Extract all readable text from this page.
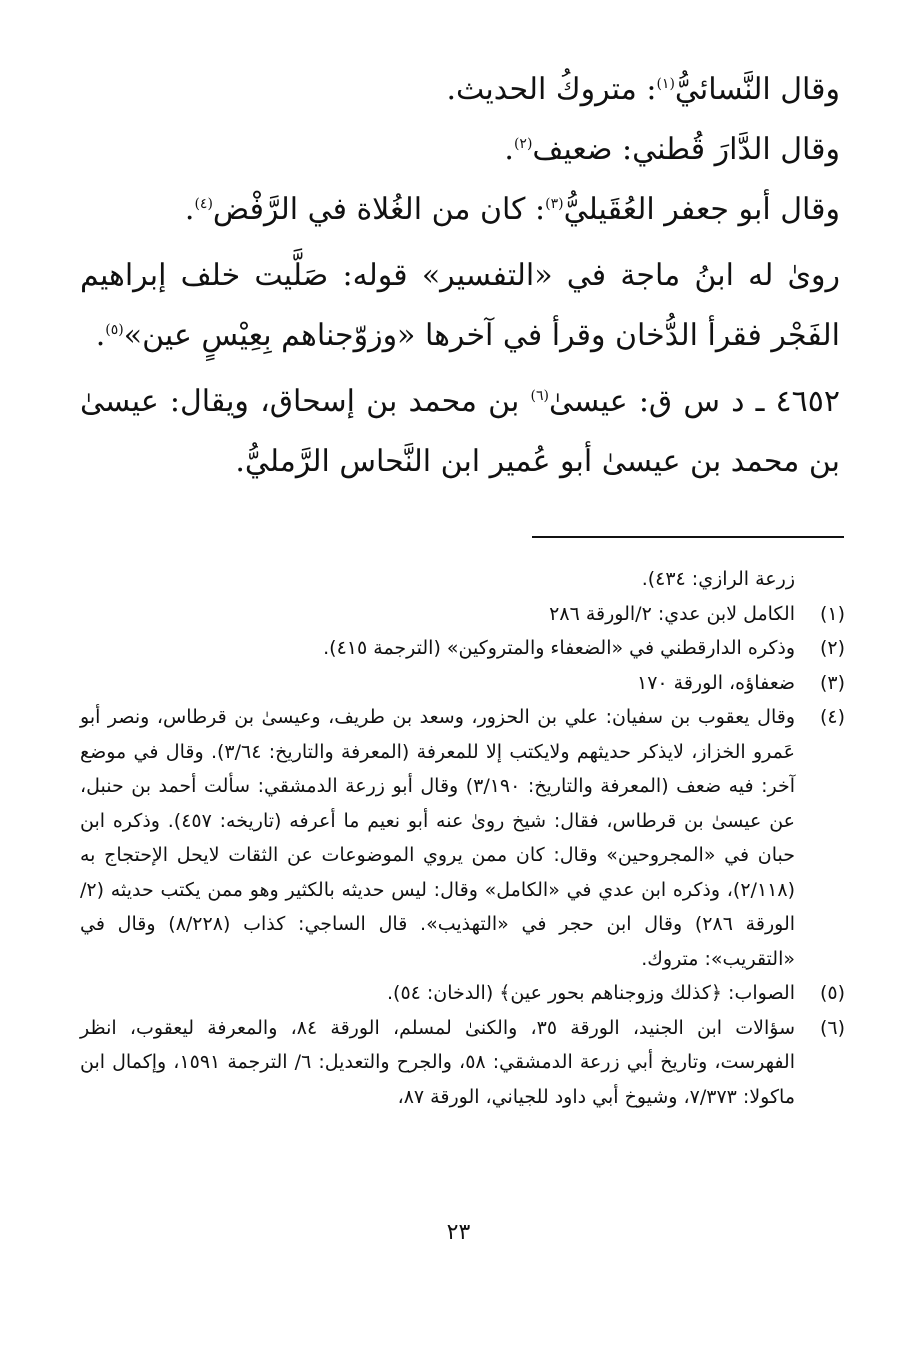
وقال النَّسائيُّ$^{(١)}$: متروكُ الحديث.

وقال الدَّارَ قُطني: ضعيف$^{(٢)}$.

وقال أبو جعفر العُقَيليُّ$^{(٣)}$: كان من الغُلاة في الرَّفْض$^{(٤)}$.

روىٰ له ابنُ ماجة في «التفسير» قوله: صَلَّيت خلف إبراهيم الفَجْر فقرأ الدُّخان وقرأ في آخرها «وزوّجناهم بِعِيْسٍ عين»$^{(٥)}$.

٤٦٥٢ ـ د س ق: عيسىٰ$^{(٦)}$ بن محمد بن إسحاق، ويقال: عيسىٰ بن محمد بن عيسىٰ أبو عُمير ابن النَّحاس الرَّمليُّ.

زرعة الرازي: ٤٣٤).
(١)
الكامل لابن عدي: ٢/الورقة ٢٨٦
(٢)
وذكره الدارقطني في «الضعفاء والمتروكين» (الترجمة ٤١٥).
(٣)
ضعفاؤه، الورقة ١٧٠
(٤)
وقال يعقوب بن سفيان: علي بن الحزور، وسعد بن طريف، وعيسىٰ بن قرطاس، ونصر أبو عَمرو الخزاز، لايذكر حديثهم ولايكتب إلا للمعرفة (المعرفة والتاريخ: ٣/٦٤). وقال في موضع آخر: فيه ضعف (المعرفة والتاريخ: ٣/١٩٠) وقال أبو زرعة الدمشقي: سألت أحمد بن حنبل، عن عيسىٰ بن قرطاس، فقال: شيخ روىٰ عنه أبو نعيم ما أعرفه (تاريخه: ٤٥٧). وذكره ابن حبان في «المجروحين» وقال: كان ممن يروي الموضوعات عن الثقات لايحل الإحتجاج به (٢/١١٨)، وذكره ابن عدي في «الكامل» وقال: ليس حديثه بالكثير وهو ممن يكتب حديثه (٢/الورقة ٢٨٦) وقال ابن حجر في «التهذيب». قال الساجي: كذاب (٨/٢٢٨) وقال في «التقريب»: متروك.
(٥)
الصواب: ﴿كذلك وزوجناهم بحور عين﴾ (الدخان: ٥٤).
(٦)
سؤالات ابن الجنيد، الورقة ٣٥، والكنىٰ لمسلم، الورقة ٨٤، والمعرفة ليعقوب، انظر الفهرست، وتاريخ أبي زرعة الدمشقي: ٥٨، والجرح والتعديل: ٦/ الترجمة ١٥٩١، وإكمال ابن ماكولا: ٧/٣٧٣، وشيوخ أبي داود للجياني، الورقة ٨٧،
٢٣
